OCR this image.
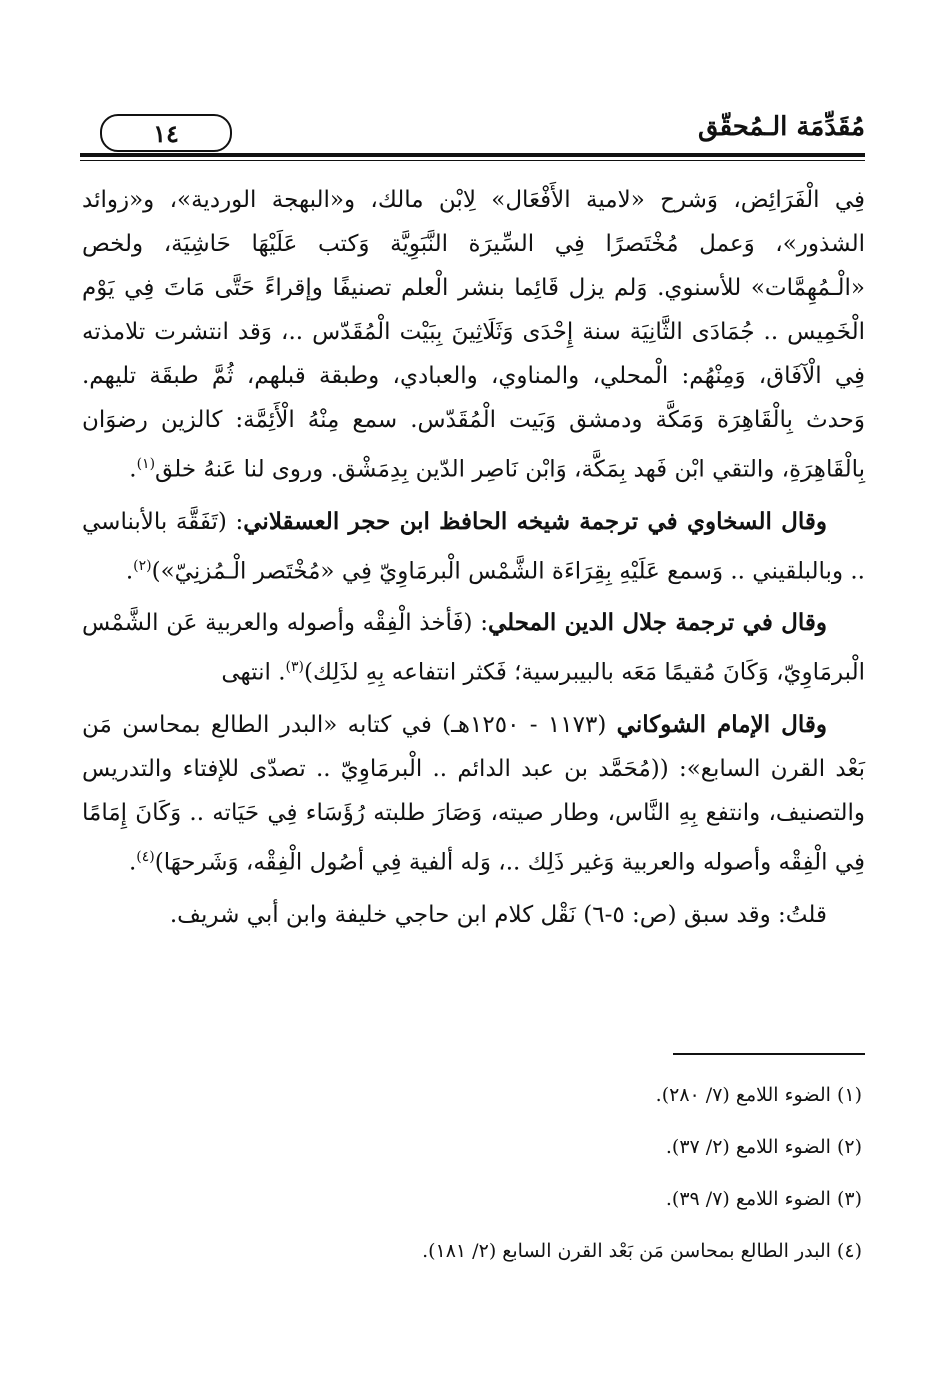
مُقَدِّمَة الـمُحقّق
١٤

فِي الْفَرَائِض، وَشرح «لامية الأَفْعَال» لِابْن مالك، و«البهجة الوردية»، و«زوائد الشذور»، وَعمل مُخْتَصرًا فِي السِّيرَة النَّبَوِيَّة وَكتب عَلَيْهَا حَاشِيَة، ولخص «الْـمُهِمَّات» للأسنوي. وَلم يزل قَائِما بنشر الْعلم تصنيفًا وإقراءً حَتَّى مَاتَ فِي يَوْم الْخَمِيس .. جُمَادَى الثَّانِيَة سنة إِحْدَى وَثَلَاثِينَ بِبَيْت الْمُقَدّس ..، وَقد انتشرت تلامذته فِي الْآفَاق، وَمِنْهُم: الْمحلي، والمناوي، والعبادي، وطبقة قبلهم، ثُمَّ طبقَة تليهم. وَحدث بِالْقَاهِرَة وَمَكَّة ودمشق وَبَيت الْمُقَدّس. سمع مِنْهُ الْأَئِمَّة: كالزين رضوَان بِالْقَاهِرَةِ، والتقي ابْن فَهد بِمَكَّة، وَابْن نَاصِر الدّين بِدِمَشْق. وروى لنا عَنهُ خلق$^{(١)}$.

وقال السخاوي في ترجمة شيخه الحافظ ابن حجر العسقلاني: (تَفَقَّهَ بالأبناسي .. وبالبلقيني .. وَسمع عَلَيْهِ بِقِرَاءَة الشَّمْس الْبرمَاوِيّ فِي «مُخْتَصر الْـمُزنِيّ»)$^{(٢)}$.

وقال في ترجمة جلال الدين المحلي: (فَأخذ الْفِقْه وأصوله والعربية عَن الشَّمْس الْبرمَاوِيّ، وَكَانَ مُقيمًا مَعَه بالبيبرسية؛ فَكثر انتفاعه بِهِ لذَلِك)$^{(٣)}$. انتهى

وقال الإمام الشوكاني (١١٧٣ - ١٢٥٠هـ) في كتابه «البدر الطالع بمحاسن مَن بَعْد القرن السابع»: ((مُحَمَّد بن عبد الدائم .. الْبرمَاوِيّ .. تصدّى للإفتاء والتدريس والتصنيف، وانتفع بِهِ النَّاس، وطار صيته، وَصَارَ طلبته رُؤَسَاء فِي حَيَاته .. وَكَانَ إِمَامًا فِي الْفِقْه وأصوله والعربية وَغير ذَلِك ..، وَله ألفية فِي أصُول الْفِقْه، وَشَرحهَا)$^{(٤)}$.

قلتُ: وقد سبق (ص: ٥-٦) نَقْل كلام ابن حاجي خليفة وابن أبي شريف.

(١) الضوء اللامع (٧/ ٢٨٠).
(٢) الضوء اللامع (٢/ ٣٧).
(٣) الضوء اللامع (٧/ ٣٩).
(٤) البدر الطالع بمحاسن مَن بَعْد القرن السابع (٢/ ١٨١).
